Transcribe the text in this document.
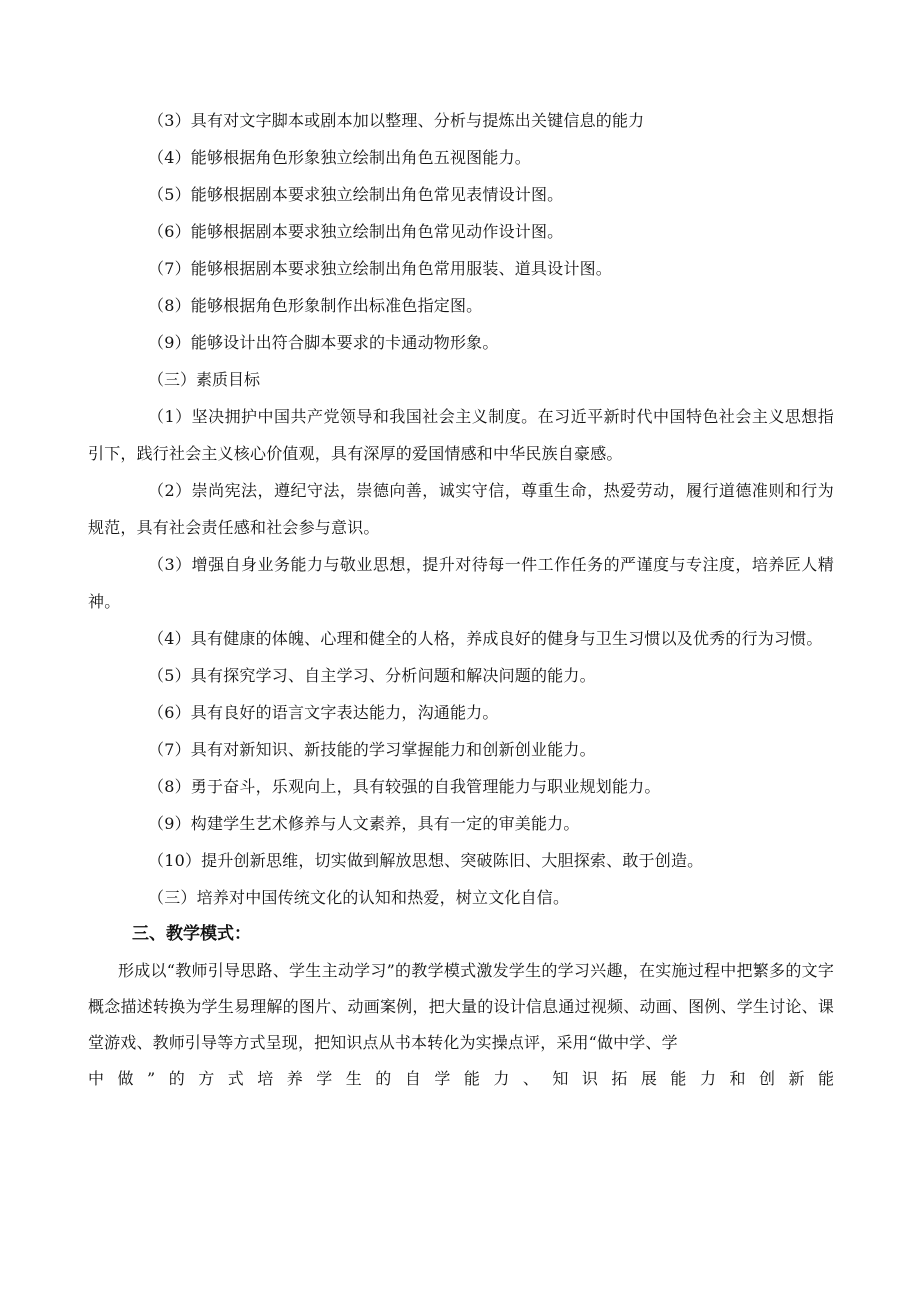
（3）具有对文字脚本或剧本加以整理、分析与提炼出关键信息的能力

（4）能够根据角色形象独立绘制出角色五视图能力。

（5）能够根据剧本要求独立绘制出角色常见表情设计图。

（6）能够根据剧本要求独立绘制出角色常见动作设计图。

（7）能够根据剧本要求独立绘制出角色常用服装、道具设计图。

（8）能够根据角色形象制作出标准色指定图。

（9）能够设计出符合脚本要求的卡通动物形象。

（三）素质目标

（1）坚决拥护中国共产党领导和我国社会主义制度。在习近平新时代中国特色社会主义思想指引下，践行社会主义核心价值观，具有深厚的爱国情感和中华民族自豪感。

（2）崇尚宪法，遵纪守法，崇德向善，诚实守信，尊重生命，热爱劳动，履行道德准则和行为规范，具有社会责任感和社会参与意识。

（3）增强自身业务能力与敬业思想，提升对待每一件工作任务的严谨度与专注度，培养匠人精神。

（4）具有健康的体魄、心理和健全的人格，养成良好的健身与卫生习惯以及优秀的行为习惯。

（5）具有探究学习、自主学习、分析问题和解决问题的能力。

（6）具有良好的语言文字表达能力，沟通能力。

（7）具有对新知识、新技能的学习掌握能力和创新创业能力。

（8）勇于奋斗，乐观向上，具有较强的自我管理能力与职业规划能力。

（9）构建学生艺术修养与人文素养，具有一定的审美能力。

（10）提升创新思维，切实做到解放思想、突破陈旧、大胆探索、敢于创造。

（三）培养对中国传统文化的认知和热爱，树立文化自信。

三、教学模式：

形成以“教师引导思路、学生主动学习”的教学模式激发学生的学习兴趣，在实施过程中把繁多的文字概念描述转换为学生易理解的图片、动画案例，把大量的设计信息通过视频、动画、图例、学生讨论、课堂游戏、教师引导等方式呈现，把知识点从书本转化为实操点评，采用“做中学、学

中做”的方式培养学生的自学能力、知识拓展能力和创新能
